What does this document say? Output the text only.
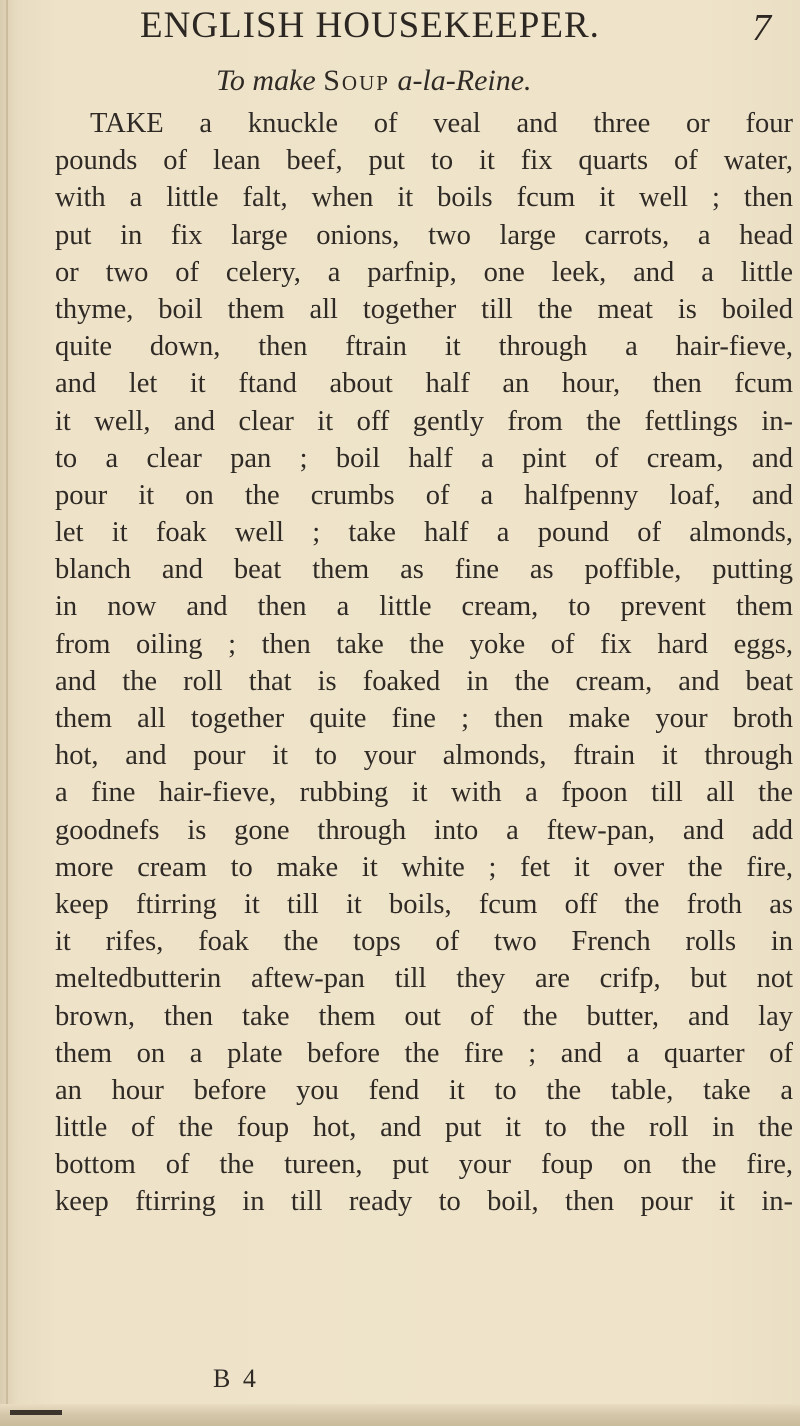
ENGLISH HOUSEKEEPER.	7
To make Soup a-la-Reine.
TAKE a knuckle of veal and three or four
pounds of lean beef, put to it fix quarts of water,
with a little falt, when it boils fcum it well ; then
put in fix large onions, two large carrots, a head
or two of celery, a parfnip, one leek, and a little
thyme, boil them all together till the meat is boiled
quite down, then ftrain it through a hair-fieve,
and let it ftand about half an hour, then fcum
it well, and clear it off gently from the fettlings in-
to a clear pan ; boil half a pint of cream, and
pour it on the crumbs of a halfpenny loaf, and
let it foak well ; take half a pound of almonds,
blanch and beat them as fine as poffible, putting
in now and then a little cream, to prevent them
from oiling ; then take the yoke of fix hard eggs,
and the roll that is foaked in the cream, and beat
them all together quite fine ; then make your broth
hot, and pour it to your almonds, ftrain it through
a fine hair-fieve, rubbing it with a fpoon till all the
goodnefs is gone through into a ftew-pan, and add
more cream to make it white ; fet it over the fire,
keep ftirring it till it boils, fcum off the froth as
it rifes, foak the tops of two French rolls in
meltedbutterin aftew-pan till they are crifp, but not
brown, then take them out of the butter, and lay
them on a plate before the fire ; and a quarter of
an hour before you fend it to the table, take a
little of the foup hot, and put it to the roll in the
bottom of the tureen, put your foup on the fire,
keep ftirring in till ready to boil, then pour it in-
B 4
